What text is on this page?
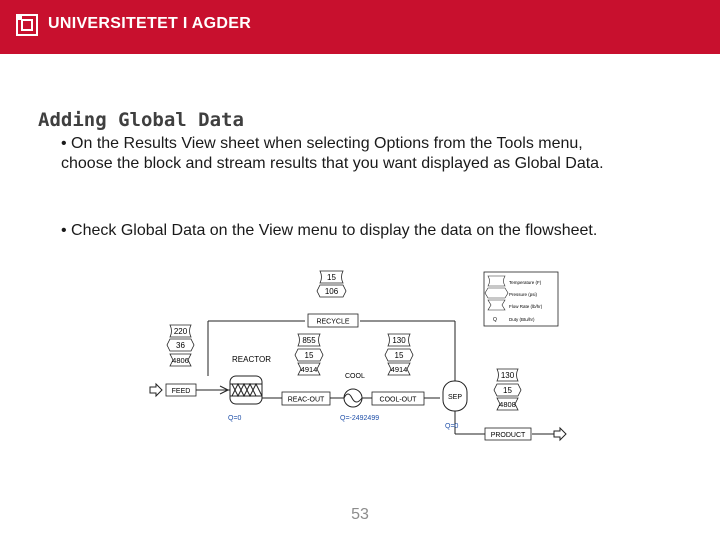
UNIVERSITETET I AGDER
Adding Global Data
• On the Results View sheet when selecting Options from the Tools menu, choose the block and stream results that you want displayed as Global Data.
• Check Global Data on the View menu to display the data on the flowsheet.
15
106
RECYCLE
220
36
4806
FEED
REACTOR
Q=0
855
15
4914
REAC-OUT
COOL
Q=-2492499
130
15
4914
COOL-OUT	SEP
Q=0
130
15
4808
PRODUCT
Temperature (F)
Pressure (psi)
Flow Rate (lb/hr)
Q	Duty (Btu/hr)
53
